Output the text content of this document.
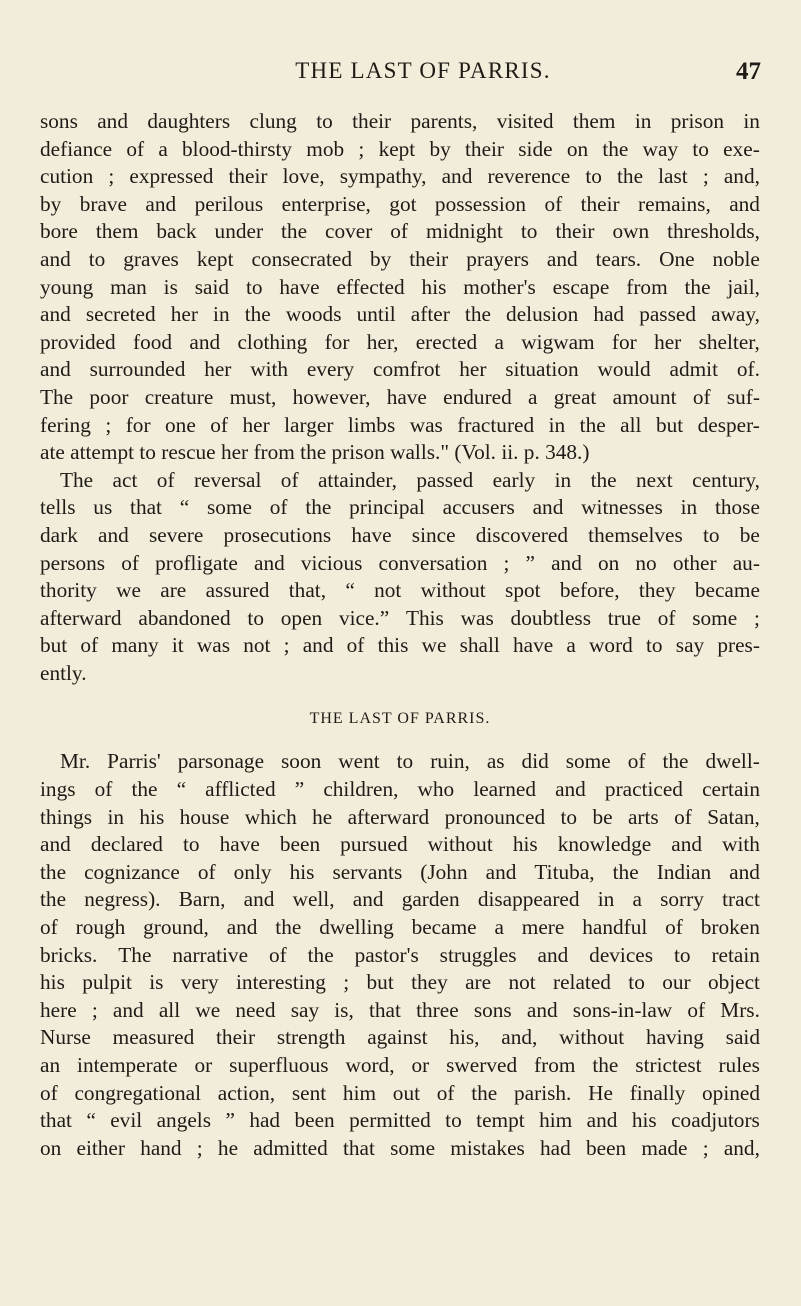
THE LAST OF PARRIS.	47
sons and daughters clung to their parents, visited them in prison in
defiance of a blood-thirsty mob ; kept by their side on the way to exe-
cution ; expressed their love, sympathy, and reverence to the last ; and,
by brave and perilous enterprise, got possession of their remains, and
bore them back under the cover of midnight to their own thresholds,
and to graves kept consecrated by their prayers and tears. One noble
young man is said to have effected his mother's escape from the jail,
and secreted her in the woods until after the delusion had passed away,
provided food and clothing for her, erected a wigwam for her shelter,
and surrounded her with every comfrot her situation would admit of.
The poor creature must, however, have endured a great amount of suf-
fering ; for one of her larger limbs was fractured in the all but desper-
ate attempt to rescue her from the prison walls." (Vol. ii. p. 348.)
The act of reversal of attainder, passed early in the next century,
tells us that “ some of the principal accusers and witnesses in those
dark and severe prosecutions have since discovered themselves to be
persons of profligate and vicious conversation ; ” and on no other au-
thority we are assured that, “ not without spot before, they became
afterward abandoned to open vice.” This was doubtless true of some ;
but of many it was not ; and of this we shall have a word to say pres-
ently.
THE LAST OF PARRIS.
Mr. Parris' parsonage soon went to ruin, as did some of the dwell-
ings of the “ afflicted ” children, who learned and practiced certain
things in his house which he afterward pronounced to be arts of Satan,
and declared to have been pursued without his knowledge and with
the cognizance of only his servants (John and Tituba, the Indian and
the negress). Barn, and well, and garden disappeared in a sorry tract
of rough ground, and the dwelling became a mere handful of broken
bricks. The narrative of the pastor's struggles and devices to retain
his pulpit is very interesting ; but they are not related to our object
here ; and all we need say is, that three sons and sons-in-law of Mrs.
Nurse measured their strength against his, and, without having said
an intemperate or superfluous word, or swerved from the strictest rules
of congregational action, sent him out of the parish. He finally opined
that “ evil angels ” had been permitted to tempt him and his coadjutors
on either hand ; he admitted that some mistakes had been made ; and,
